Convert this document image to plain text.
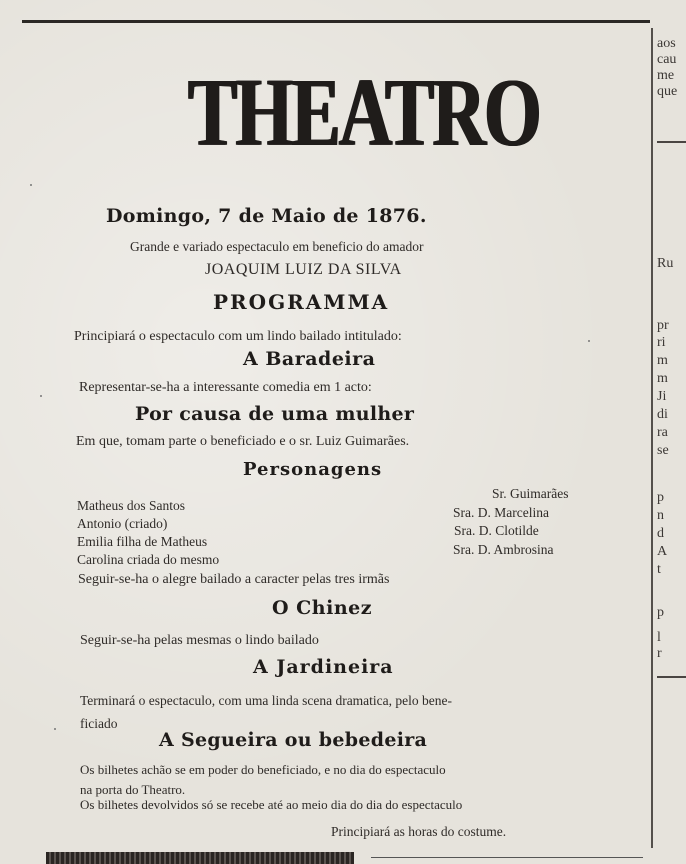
THEATRO
Domingo, 7 de Maio de 1876.
Grande e variado espectaculo em beneficio do amador
JOAQUIM LUIZ DA SILVA
PROGRAMMA
Principiará o espectaculo com um lindo bailado intitulado:
A Baradeira
Representar-se-ha a interessante comedia em 1 acto:
Por causa de uma mulher
Em que, tomam parte o beneficiado e o sr. Luiz Guimarães.
Personagens
Matheus dos Santos
Sr. Guimarães
Antonio (criado)
Sra. D. Marcelina
Emilia filha de Matheus
Sra. D. Clotilde
Carolina criada do mesmo
Sra. D. Ambrosina
Seguir-se-ha o alegre bailado a caracter pelas tres irmãs
O Chinez
Seguir-se-ha pelas mesmas o lindo bailado
A Jardineira
Terminará o espectaculo, com uma linda scena dramatica, pelo bene-
ficiado
A Segueira ou bebedeira
Os bilhetes achão se em poder do beneficiado, e no dia do espectaculo
na porta do Theatro.
Os bilhetes devolvidos só se recebe até ao meio dia do dia do espectaculo
Principiará as horas do costume.
aos
cau
me
que
Ru
pr
ri
m
m
Ji
di
ra
se
p
n
d
A
t
p
l
r
